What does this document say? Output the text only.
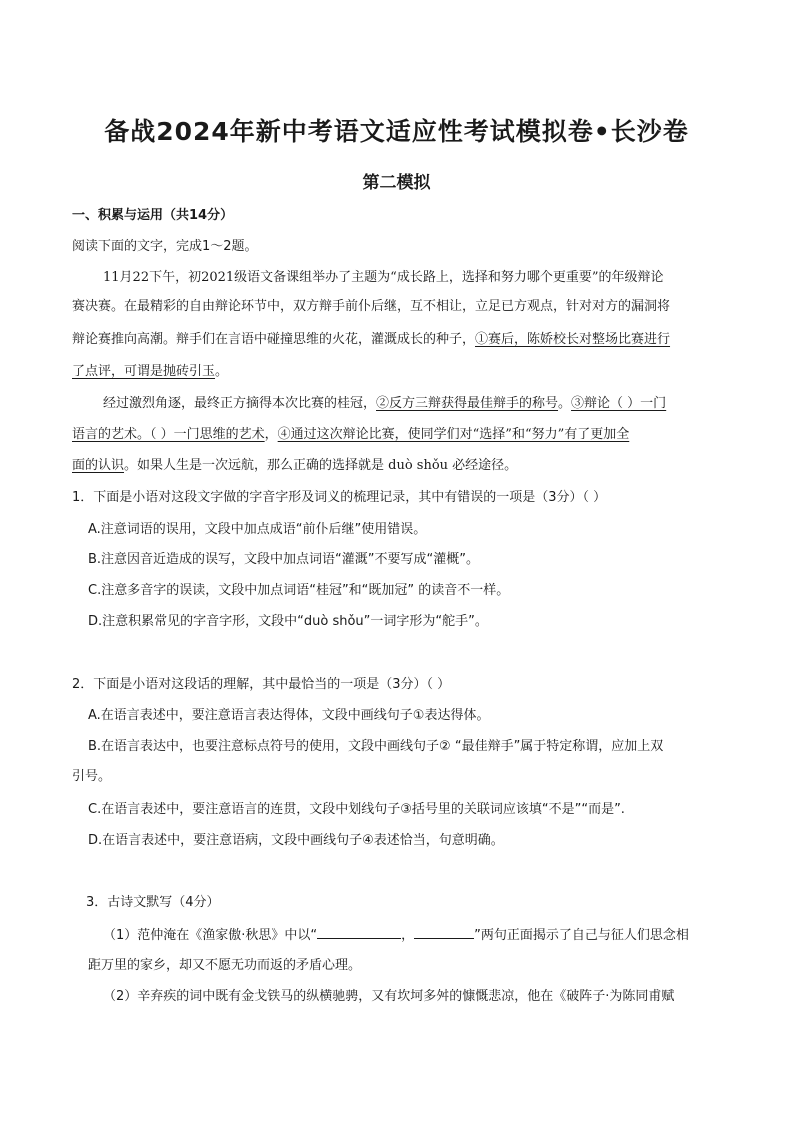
备战2024年新中考语文适应性考试模拟卷•长沙卷
第二模拟
一、积累与运用（共14分）
阅读下面的文字，完成1～2题。
11月22下午，初2021级语文备课组举办了主题为“成长路上，选择和努力哪个更重要”的年级辩论
赛决赛。在最精彩的自由辩论环节中，双方辩手前仆后继，互不相让，立足已方观点，针对对方的漏洞将
辩论赛推向高潮。辩手们在言语中碰撞思维的火花，灌溉成长的种子，①赛后，陈娇校长对整场比赛进行
了点评，可谓是抛砖引玉。
经过激烈角逐，最终正方摘得本次比赛的桂冠，②反方三辩获得最佳辩手的称号。③辩论（ ）一门
语言的艺术。（ ）一门思维的艺术，④通过这次辩论比赛，使同学们对“选择”和“努力”有了更加全
面的认识。如果人生是一次远航，那么正确的选择就是 duò shǒu 必经途径。
1．下面是小语对这段文字做的字音字形及词义的梳理记录，其中有错误的一项是（3分）（ ）
A.注意词语的误用，文段中加点成语“前仆后继”使用错误。
B.注意因音近造成的误写，文段中加点词语“灌溉”不要写成“灌概”。
C.注意多音字的误读，文段中加点词语“桂冠”和“既加冠” 的读音不一样。
D.注意积累常见的字音字形，文段中“duò shǒu”一词字形为“舵手”。
2．下面是小语对这段话的理解，其中最恰当的一项是（3分）（ ）
A.在语言表述中，要注意语言表达得体，文段中画线句子①表达得体。
B.在语言表达中，也要注意标点符号的使用，文段中画线句子② “最佳辩手”属于特定称谓，应加上双
引号。
C.在语言表述中，要注意语言的连贯，文段中划线句子③括号里的关联词应该填“不是”“而是”.
D.在语言表述中，要注意语病，文段中画线句子④表述恰当，句意明确。
3．古诗文默写（4分）
（1）范仲淹在《渔家傲·秋思》中以“	，	”两句正面揭示了自己与征人们思念相
距万里的家乡，却又不愿无功而返的矛盾心理。
（2）辛弃疾的词中既有金戈铁马的纵横驰骋，又有坎坷多舛的慷慨悲凉，他在《破阵子·为陈同甫赋
